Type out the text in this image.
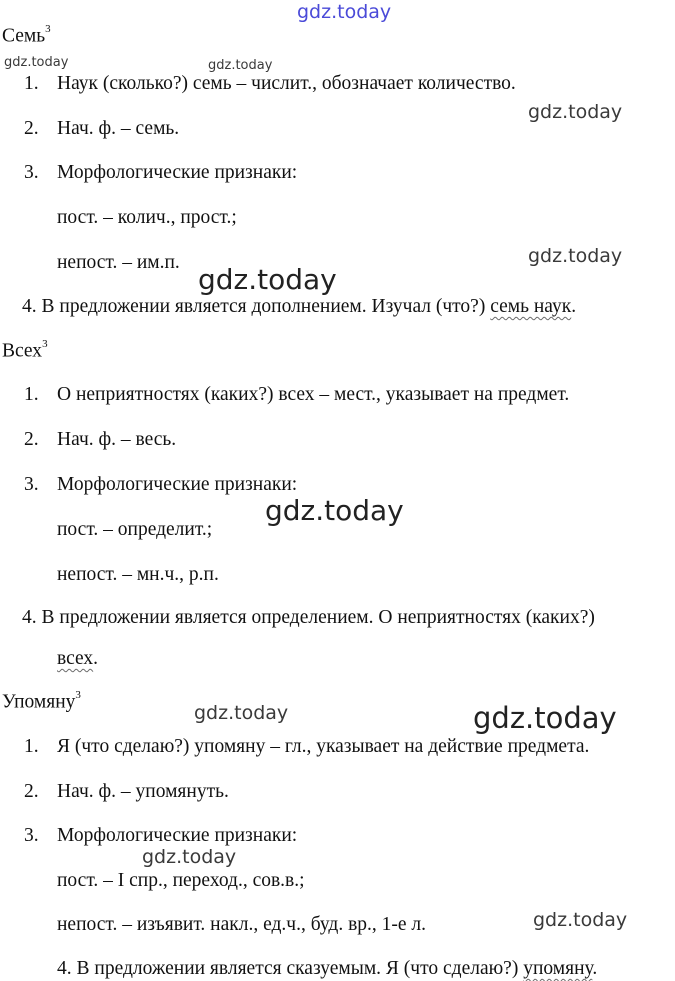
gdz.today
gdz.today	gdz.today
gdz.today
gdz.today
gdz.today
gdz.today
gdz.today	gdz.today
gdz.today
gdz.today
Семь$^3$
1. Наук (сколько?) семь – числит., обозначает количество.
2. Нач. ф. – семь.
3. Морфологические признаки:
пост. – колич., прост.;
непост. – им.п.
4. В предложении является дополнением. Изучал (что?) семь наук.
Всех$^3$
1. О неприятностях (каких?) всех – мест., указывает на предмет.
2. Нач. ф. – весь.
3. Морфологические признаки:
пост. – определит.;
непост. – мн.ч., р.п.
4. В предложении является определением. О неприятностях (каких?)
всех.
Упомяну$^3$
1. Я (что сделаю?) упомяну – гл., указывает на действие предмета.
2. Нач. ф. – упомянуть.
3. Морфологические признаки:
пост. – I спр., переход., сов.в.;
непост. – изъявит. накл., ед.ч., буд. вр., 1-е л.
4. В предложении является сказуемым. Я (что сделаю?) упомяну.
